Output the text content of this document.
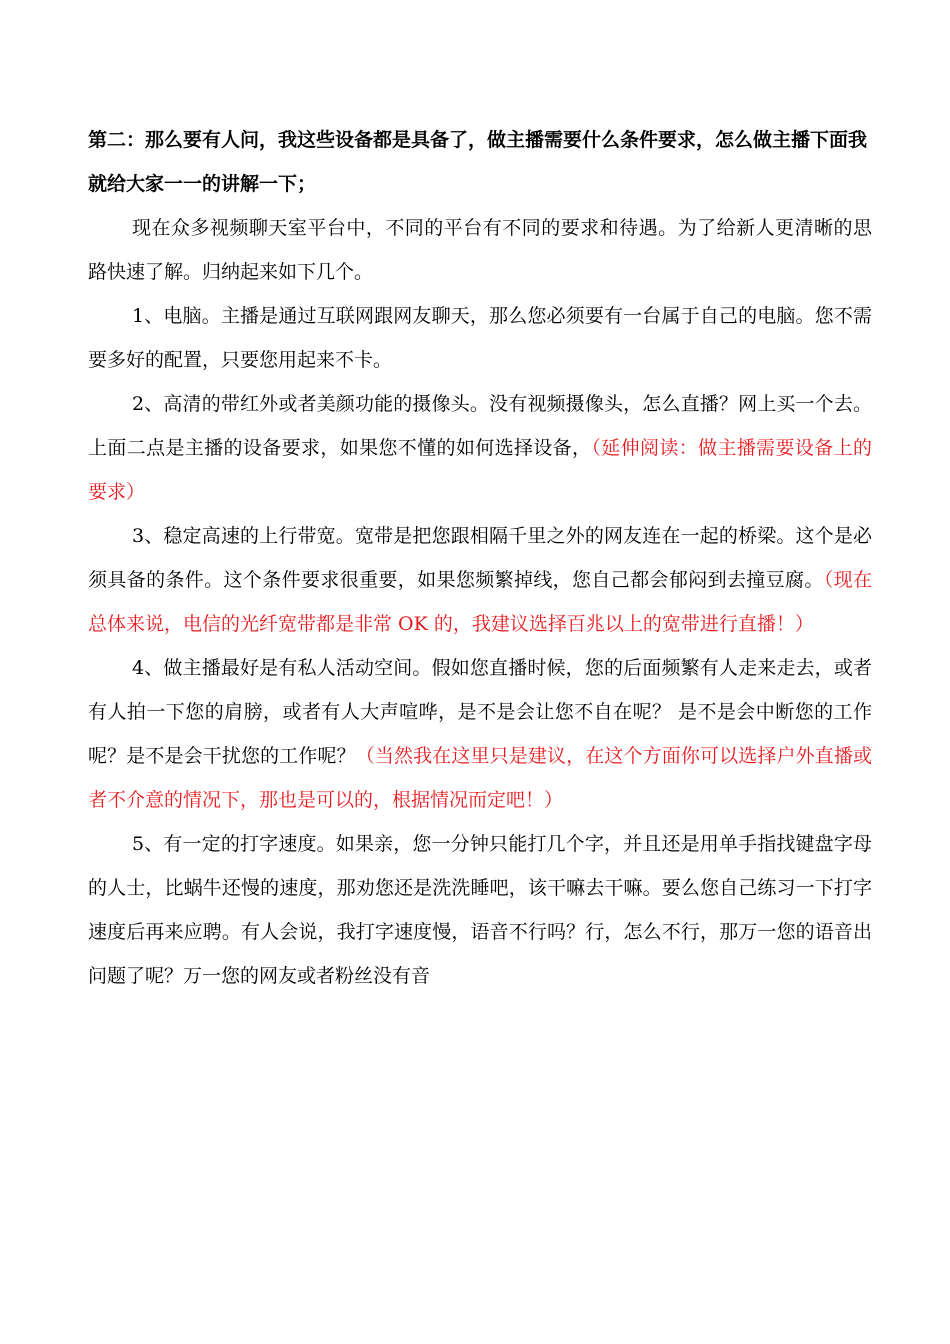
第二：那么要有人问，我这些设备都是具备了，做主播需要什么条件要求，怎么做主播下面我就给大家一一的讲解一下；

现在众多视频聊天室平台中，不同的平台有不同的要求和待遇。为了给新人更清晰的思路快速了解。归纳起来如下几个。

1、电脑。主播是通过互联网跟网友聊天，那么您必须要有一台属于自己的电脑。您不需要多好的配置，只要您用起来不卡。

2、高清的带红外或者美颜功能的摄像头。没有视频摄像头，怎么直播？网上买一个去。上面二点是主播的设备要求，如果您不懂的如何选择设备，（延伸阅读：做主播需要设备上的要求）

3、稳定高速的上行带宽。宽带是把您跟相隔千里之外的网友连在一起的桥梁。这个是必须具备的条件。这个条件要求很重要，如果您频繁掉线，您自己都会郁闷到去撞豆腐。（现在总体来说，电信的光纤宽带都是非常 OK 的，我建议选择百兆以上的宽带进行直播！）

4、做主播最好是有私人活动空间。假如您直播时候，您的后面频繁有人走来走去，或者有人拍一下您的肩膀，或者有人大声喧哗，是不是会让您不自在呢？ 是不是会中断您的工作呢？是不是会干扰您的工作呢？（当然我在这里只是建议，在这个方面你可以选择户外直播或者不介意的情况下，那也是可以的，根据情况而定吧！）

5、有一定的打字速度。如果亲，您一分钟只能打几个字，并且还是用单手指找键盘字母的人士，比蜗牛还慢的速度，那劝您还是洗洗睡吧，该干嘛去干嘛。要么您自己练习一下打字速度后再来应聘。有人会说，我打字速度慢，语音不行吗？行，怎么不行，那万一您的语音出问题了呢？万一您的网友或者粉丝没有音
